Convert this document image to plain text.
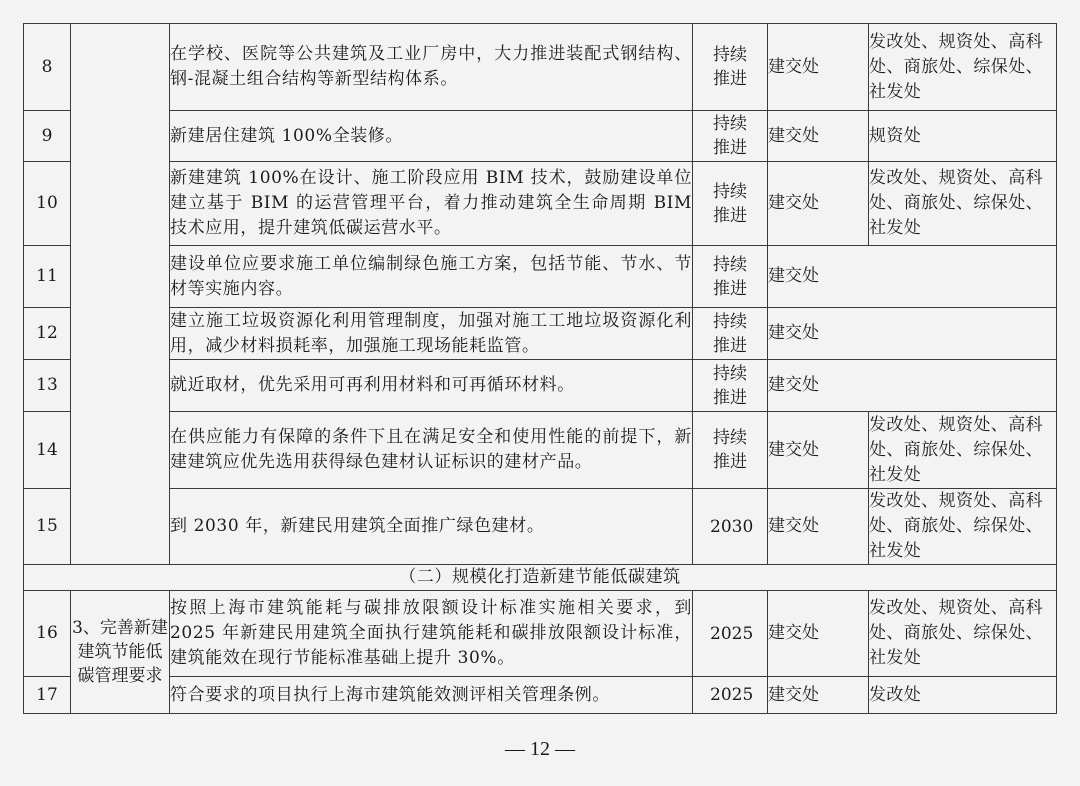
8		在学校、医院等公共建筑及工业厂房中，大力推进装配式钢结构、钢-混凝土组合结构等新型结构体系。	持续推进	建交处	发改处、规资处、高科处、商旅处、综保处、社发处
9		新建居住建筑 100%全装修。	持续推进	建交处	规资处
10		新建建筑 100%在设计、施工阶段应用 BIM 技术，鼓励建设单位建立基于 BIM 的运营管理平台，着力推动建筑全生命周期 BIM 技术应用，提升建筑低碳运营水平。	持续推进	建交处	发改处、规资处、高科处、商旅处、综保处、社发处
11		建设单位应要求施工单位编制绿色施工方案，包括节能、节水、节材等实施内容。	持续推进	建交处	
12		建立施工垃圾资源化利用管理制度，加强对施工工地垃圾资源化利用，减少材料损耗率，加强施工现场能耗监管。	持续推进	建交处	
13		就近取材，优先采用可再利用材料和可再循环材料。	持续推进	建交处	
14		在供应能力有保障的条件下且在满足安全和使用性能的前提下，新建建筑应优先选用获得绿色建材认证标识的建材产品。	持续推进	建交处	发改处、规资处、高科处、商旅处、综保处、社发处
15		到 2030 年，新建民用建筑全面推广绿色建材。	2030	建交处	发改处、规资处、高科处、商旅处、综保处、社发处
（二）规模化打造新建节能低碳建筑					
16	3、完善新建建筑节能低碳管理要求	按照上海市建筑能耗与碳排放限额设计标准实施相关要求，到 2025 年新建民用建筑全面执行建筑能耗和碳排放限额设计标准，建筑能效在现行节能标准基础上提升 30%。	2025	建交处	发改处、规资处、高科处、商旅处、综保处、社发处
17		符合要求的项目执行上海市建筑能效测评相关管理条例。	2025	建交处	发改处
— 12 —
